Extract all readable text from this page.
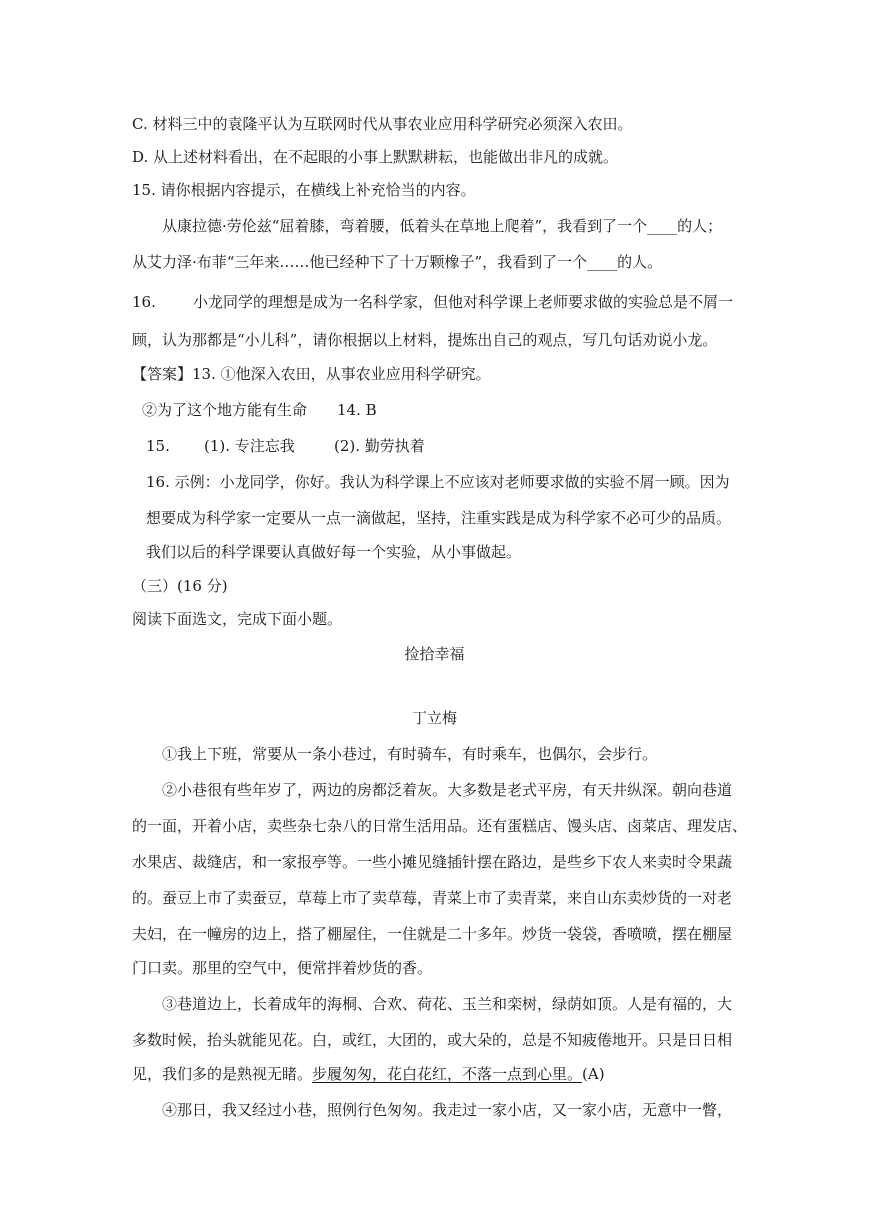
C. 材料三中的袁隆平认为互联网时代从事农业应用科学研究必须深入农田。
D. 从上述材料看出，在不起眼的小事上默默耕耘，也能做出非凡的成就。
15. 请你根据内容提示，在横线上补充恰当的内容。
从康拉德·劳伦兹“屈着膝，弯着腰，低着头在草地上爬着”，我看到了一个____的人；
从艾力泽·布菲“三年来……他已经种下了十万颗橡子”，我看到了一个____的人。
16. 小龙同学的理想是成为一名科学家，但他对科学课上老师要求做的实验总是不屑一
顾，认为那都是“小儿科”，请你根据以上材料，提炼出自己的观点，写几句话劝说小龙。
【答案】13. ①他深入农田，从事农业应用科学研究。
②为了这个地方能有生命　　14. B
15. (1). 专注忘我	(2). 勤劳执着
16. 示例：小龙同学，你好。我认为科学课上不应该对老师要求做的实验不屑一顾。因为
想要成为科学家一定要从一点一滴做起，坚持，注重实践是成为科学家不必可少的品质。
我们以后的科学课要认真做好每一个实验，从小事做起。
（三）(16 分)
阅读下面选文，完成下面小题。
捡拾幸福
丁立梅
①我上下班，常要从一条小巷过，有时骑车，有时乘车，也偶尔，会步行。
②小巷很有些年岁了，两边的房都泛着灰。大多数是老式平房，有天井纵深。朝向巷道
的一面，开着小店，卖些杂七杂八的日常生活用品。还有蛋糕店、馒头店、卤菜店、理发店、
水果店、裁缝店，和一家报亭等。一些小摊见缝插针摆在路边，是些乡下农人来卖时令果蔬
的。蚕豆上市了卖蚕豆，草莓上市了卖草莓，青菜上市了卖青菜，来自山东卖炒货的一对老
夫妇，在一幢房的边上，搭了棚屋住，一住就是二十多年。炒货一袋袋，香喷喷，摆在棚屋
门口卖。那里的空气中，便常拌着炒货的香。
③巷道边上，长着成年的海桐、合欢、荷花、玉兰和栾树，绿荫如顶。人是有福的，大
多数时候，抬头就能见花。白，或红，大团的，或大朵的，总是不知疲倦地开。只是日日相
见，我们多的是熟视无睹。步履匆匆，花白花红，不落一点到心里。(A)
④那日，我又经过小巷，照例行色匆匆。我走过一家小店，又一家小店，无意中一瞥，
